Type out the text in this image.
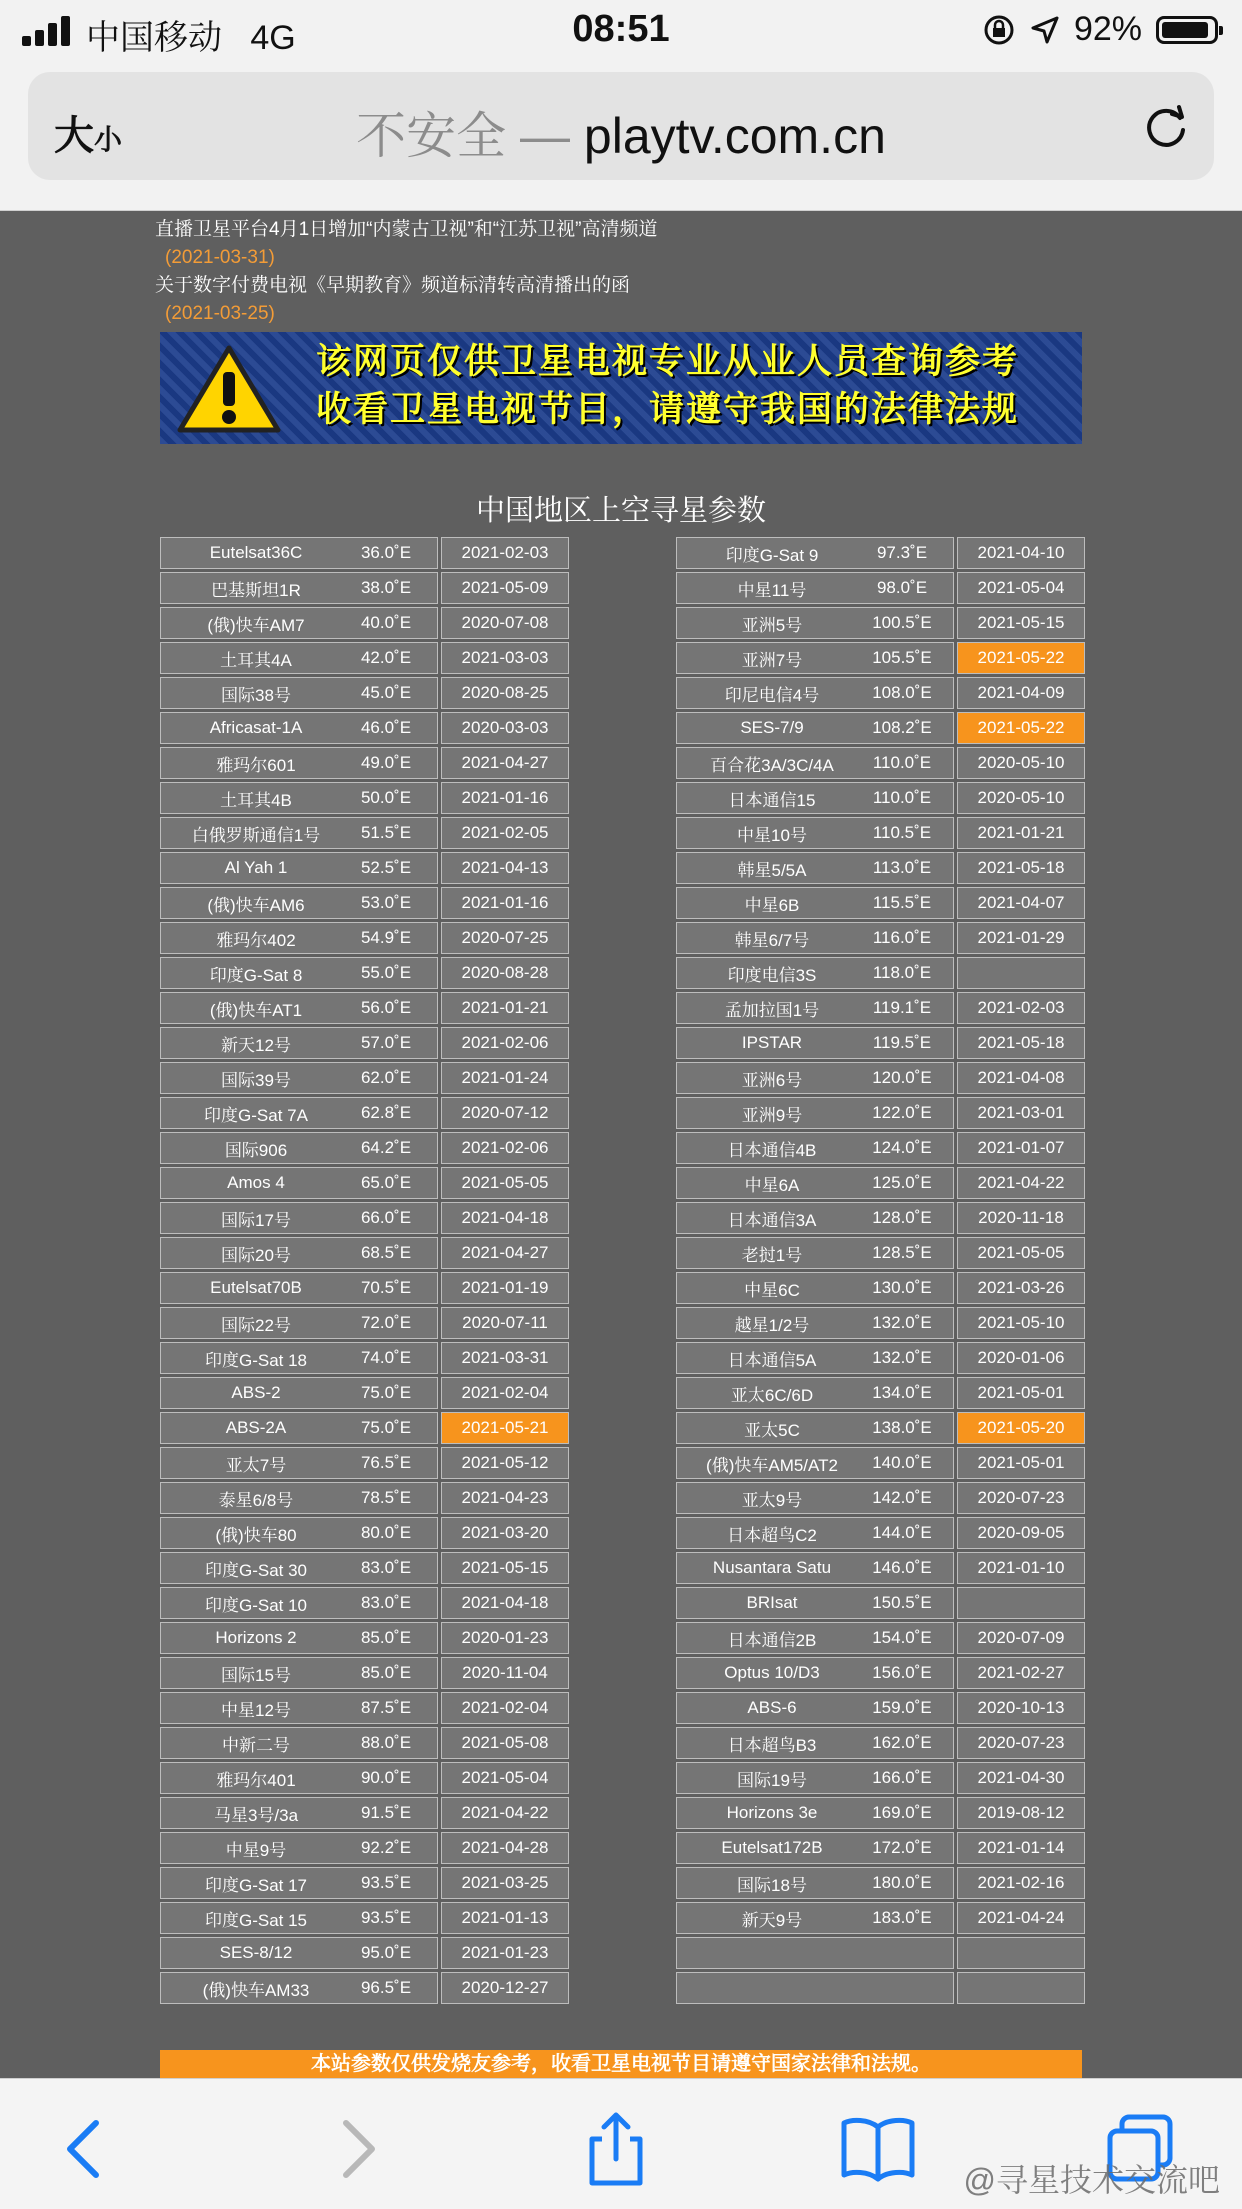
中国移动 4G	08:51	92%
大小	不安全 — playtv.com.cn
直播卫星平台4月1日增加“内蒙古卫视”和“江苏卫视”高清频道
(2021-03-31)
关于数字付费电视《早期教育》频道标清转高清播出的函
(2021-03-25)
该网页仅供卫星电视专业从业人员查询参考
收看卫星电视节目，请遵守我国的法律法规
中国地区上空寻星参数
Eutelsat36C 36.0˚E	2021-02-03

巴基斯坦1R 38.0˚E	2021-05-09

(俄)快车AM7 40.0˚E	2020-07-08

土耳其4A 42.0˚E	2021-03-03

国际38号 45.0˚E	2020-08-25

Africasat-1A 46.0˚E	2020-03-03

雅玛尔601 49.0˚E	2021-04-27

土耳其4B 50.0˚E	2021-01-16

白俄罗斯通信1号 51.5˚E	2021-02-05

Al Yah 1 52.5˚E	2021-04-13

(俄)快车AM6 53.0˚E	2021-01-16

雅玛尔402 54.9˚E	2020-07-25

印度G-Sat 8 55.0˚E	2020-08-28

(俄)快车AT1 56.0˚E	2021-01-21

新天12号 57.0˚E	2021-02-06

国际39号 62.0˚E	2021-01-24

印度G-Sat 7A 62.8˚E	2020-07-12

国际906 64.2˚E	2021-02-06

Amos 4 65.0˚E	2021-05-05

国际17号 66.0˚E	2021-04-18

国际20号 68.5˚E	2021-04-27

Eutelsat70B 70.5˚E	2021-01-19

国际22号 72.0˚E	2020-07-11

印度G-Sat 18 74.0˚E	2021-03-31

ABS-2 75.0˚E	2021-02-04

ABS-2A 75.0˚E	2021-05-21

亚太7号 76.5˚E	2021-05-12

泰星6/8号 78.5˚E	2021-04-23

(俄)快车80 80.0˚E	2021-03-20

印度G-Sat 30 83.0˚E	2021-05-15

印度G-Sat 10 83.0˚E	2021-04-18

Horizons 2 85.0˚E	2020-01-23

国际15号 85.0˚E	2020-11-04

中星12号 87.5˚E	2021-02-04

中新二号 88.0˚E	2021-05-08

雅玛尔401 90.0˚E	2021-05-04

马星3号/3a 91.5˚E	2021-04-22

中星9号 92.2˚E	2021-04-28

印度G-Sat 17 93.5˚E	2021-03-25

印度G-Sat 15 93.5˚E	2021-01-13

SES-8/12 95.0˚E	2021-01-23

(俄)快车AM33 96.5˚E	2020-12-27
印度G-Sat 9 97.3˚E	2021-04-10

中星11号 98.0˚E	2021-05-04

亚洲5号 100.5˚E	2021-05-15

亚洲7号 105.5˚E	2021-05-22

印尼电信4号 108.0˚E	2021-04-09

SES-7/9 108.2˚E	2021-05-22

百合花3A/3C/4A 110.0˚E	2020-05-10

日本通信15 110.0˚E	2020-05-10

中星10号 110.5˚E	2021-01-21

韩星5/5A 113.0˚E	2021-05-18

中星6B 115.5˚E	2021-04-07

韩星6/7号 116.0˚E	2021-01-29

印度电信3S 118.0˚E	

孟加拉国1号 119.1˚E	2021-02-03

IPSTAR 119.5˚E	2021-05-18

亚洲6号 120.0˚E	2021-04-08

亚洲9号 122.0˚E	2021-03-01

日本通信4B 124.0˚E	2021-01-07

中星6A 125.0˚E	2021-04-22

日本通信3A 128.0˚E	2020-11-18

老挝1号 128.5˚E	2021-05-05

中星6C 130.0˚E	2021-03-26

越星1/2号 132.0˚E	2021-05-10

日本通信5A 132.0˚E	2020-01-06

亚太6C/6D 134.0˚E	2021-05-01

亚太5C 138.0˚E	2021-05-20

(俄)快车AM5/AT2 140.0˚E	2021-05-01

亚太9号 142.0˚E	2020-07-23

日本超鸟C2 144.0˚E	2020-09-05

Nusantara Satu 146.0˚E	2021-01-10

BRIsat 150.5˚E	

日本通信2B 154.0˚E	2020-07-09

Optus 10/D3 156.0˚E	2021-02-27

ABS-6 159.0˚E	2020-10-13

日本超鸟B3 162.0˚E	2020-07-23

国际19号 166.0˚E	2021-04-30

Horizons 3e 169.0˚E	2019-08-12

Eutelsat172B 172.0˚E	2021-01-14

国际18号 180.0˚E	2021-02-16

新天9号 183.0˚E	2021-04-24

本站参数仅供发烧友参考，收看卫星电视节目请遵守国家法律和法规。
@寻星技术交流吧
